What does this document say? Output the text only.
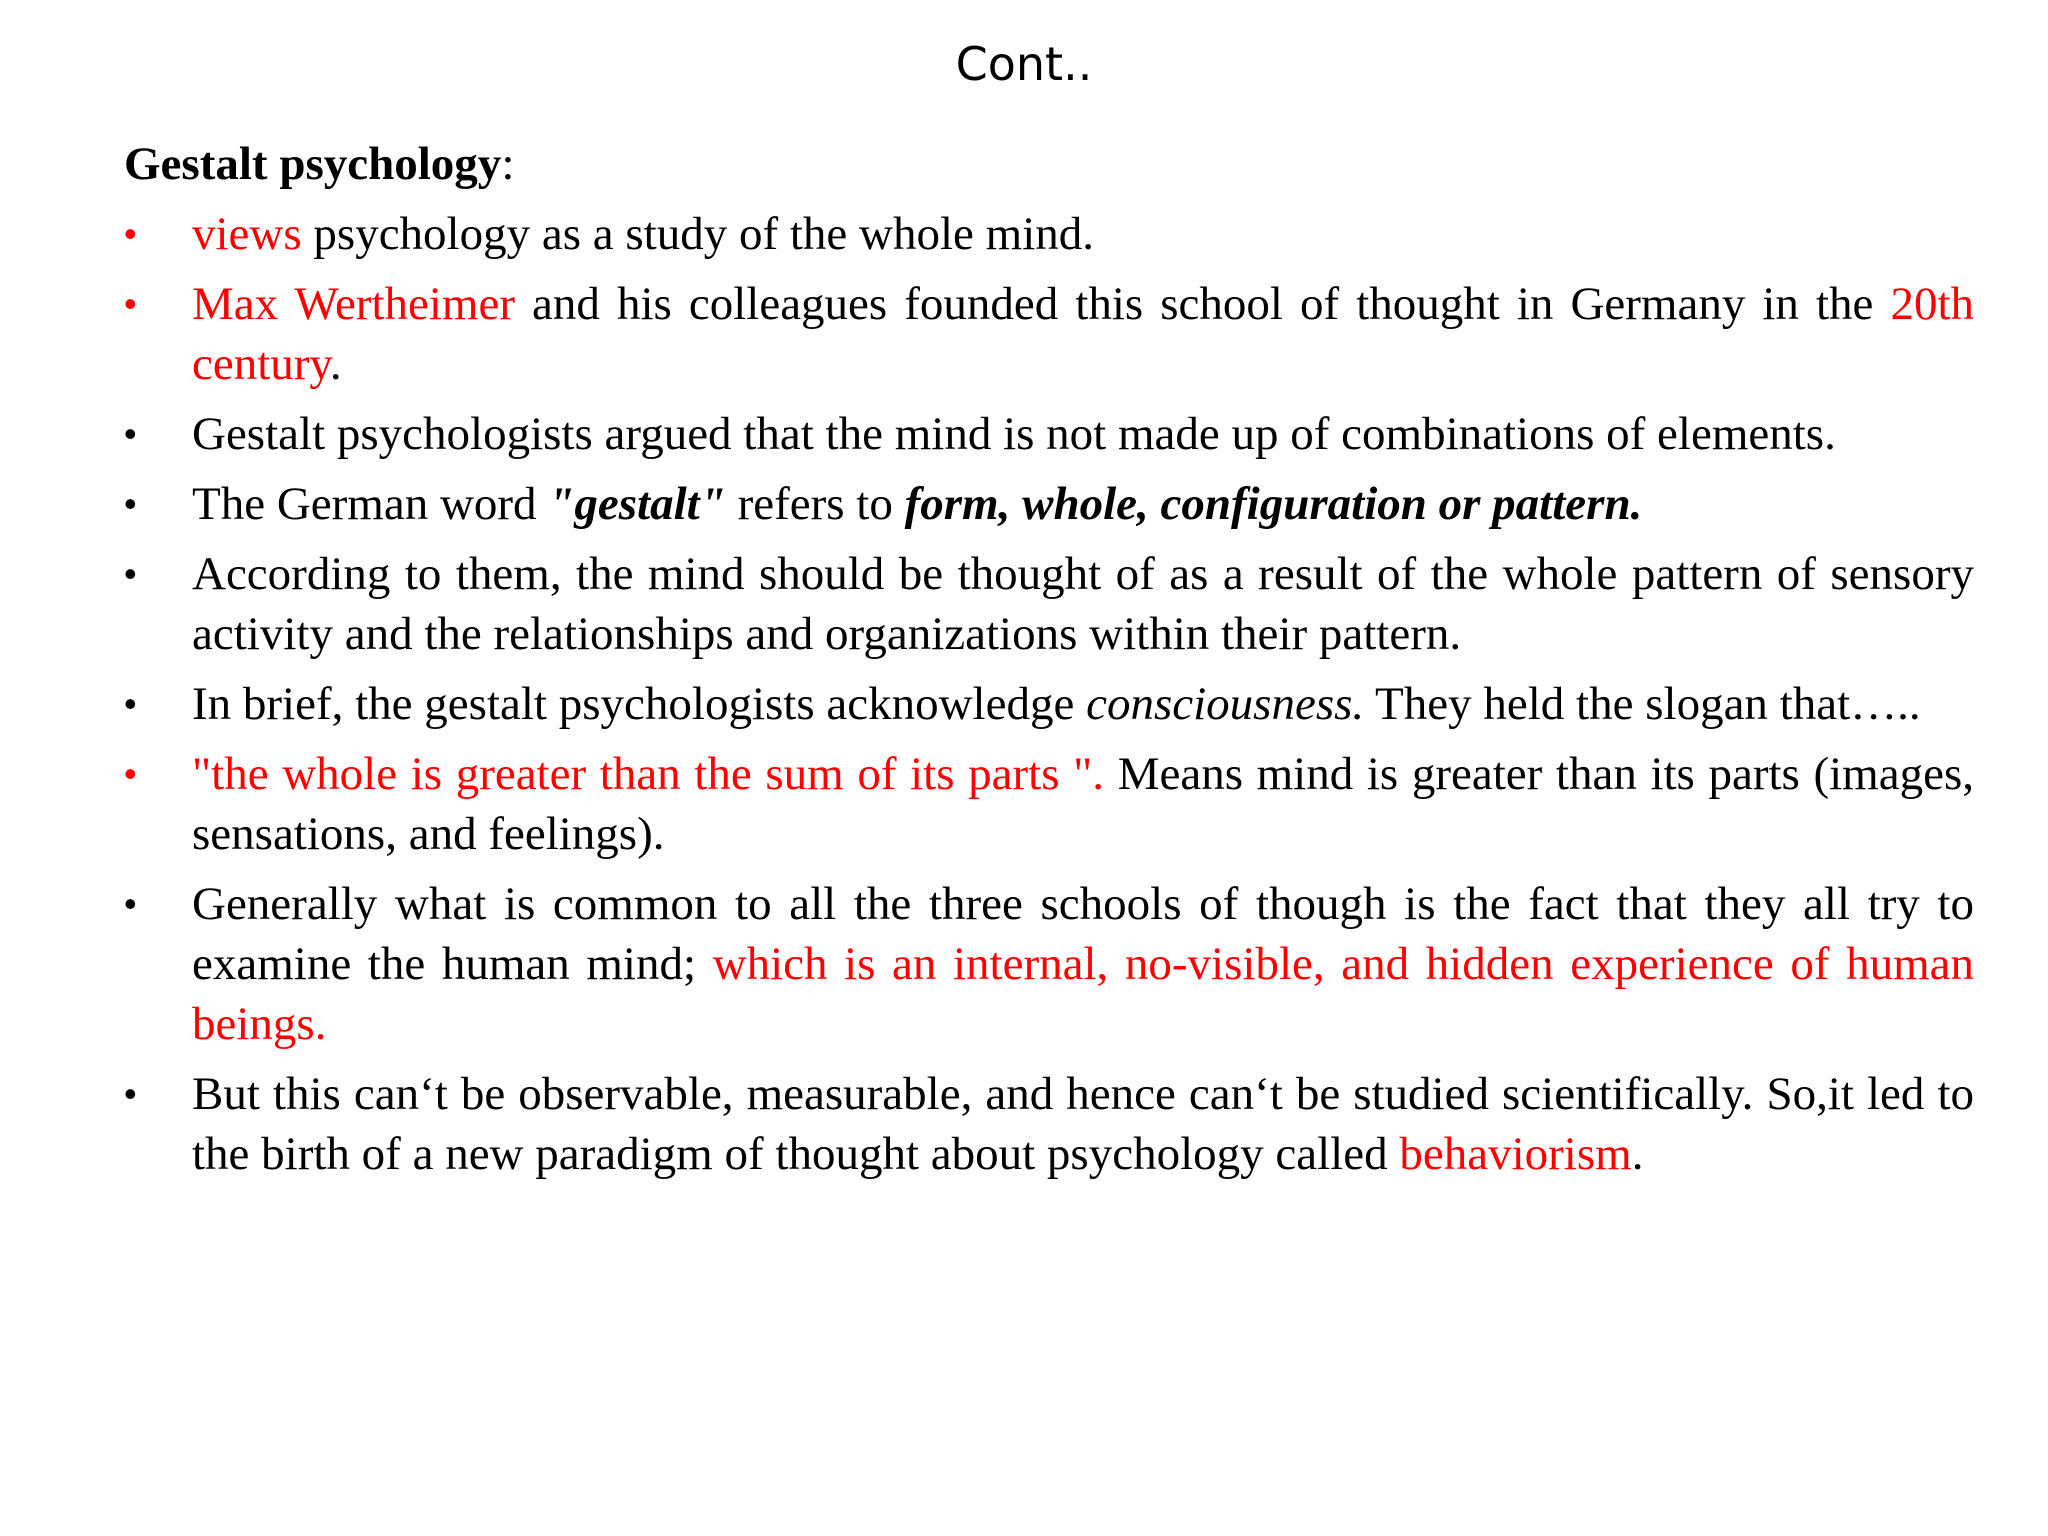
Cont..

Gestalt psychology:

•	views psychology as a study of the whole mind.
•	Max Wertheimer and his colleagues founded this school of thought in Germany in the 20th century.
•	Gestalt psychologists argued that the mind is not made up of combinations of elements.
•	The German word "gestalt" refers to form, whole, configuration or pattern.
•	According to them, the mind should be thought of as a result of the whole pattern of sensory activity and the relationships and organizations within their pattern.
•	In brief, the gestalt psychologists acknowledge consciousness. They held the slogan that…..
•	"the whole is greater than the sum of its parts ". Means mind is greater than its parts (images, sensations, and feelings).
•	Generally what is common to all the three schools of though is the fact that they all try to examine the human mind; which is an internal, no-visible, and hidden experience of human beings.
•	But this can‘t be observable, measurable, and hence can‘t be studied scientifically. So,it led to the birth of a new paradigm of thought about psychology called behaviorism.
